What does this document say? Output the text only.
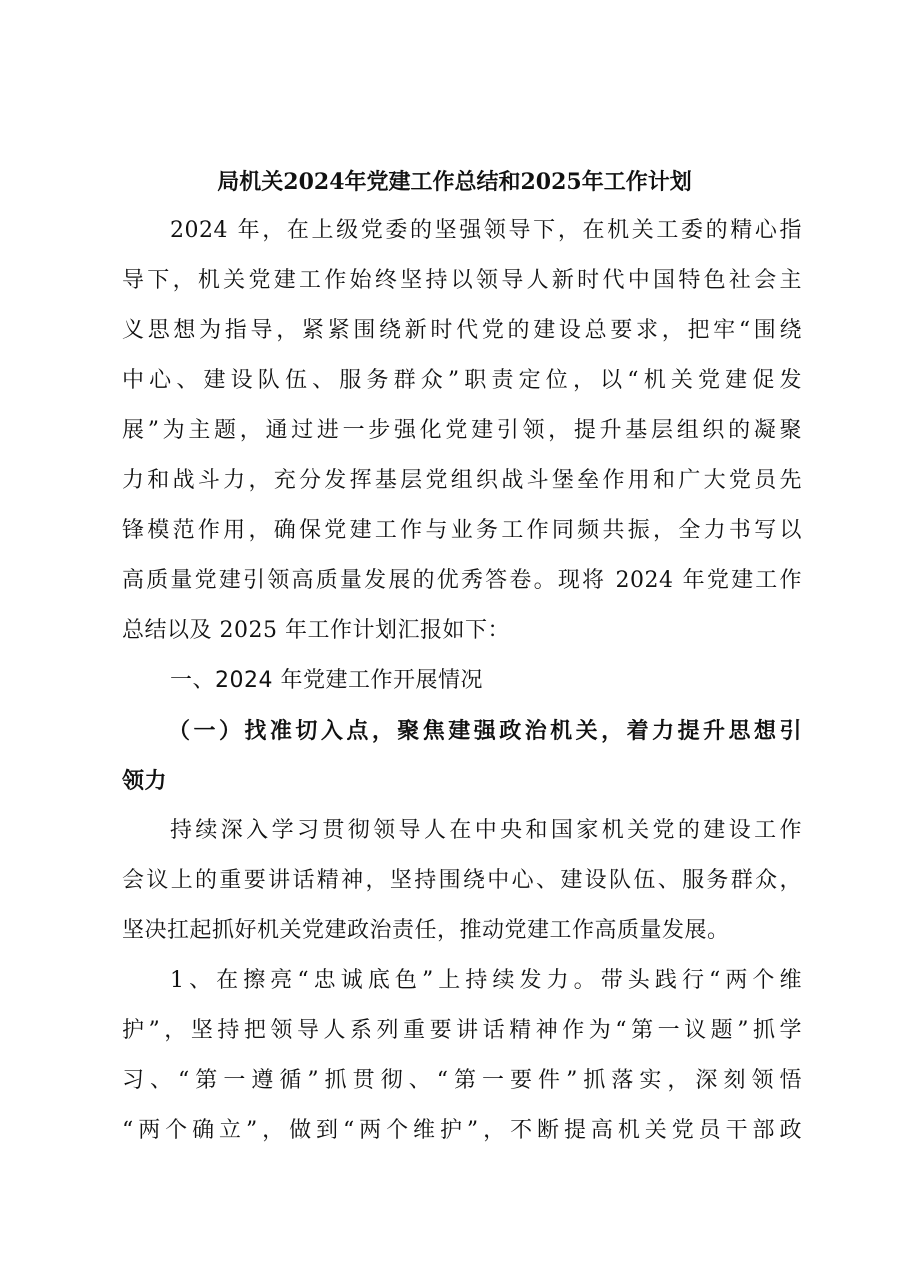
局机关2024年党建工作总结和2025年工作计划
2024 年，在上级党委的坚强领导下，在机关工委的精心指
导下，机关党建工作始终坚持以领导人新时代中国特色社会主
义思想为指导，紧紧围绕新时代党的建设总要求，把牢“围绕
中心、建设队伍、服务群众”职责定位，以“机关党建促发
展”为主题，通过进一步强化党建引领，提升基层组织的凝聚
力和战斗力，充分发挥基层党组织战斗堡垒作用和广大党员先
锋模范作用，确保党建工作与业务工作同频共振，全力书写以
高质量党建引领高质量发展的优秀答卷。现将 2024 年党建工作
总结以及 2025 年工作计划汇报如下：
一、2024 年党建工作开展情况
（一）找准切入点，聚焦建强政治机关，着力提升思想引
领力
持续深入学习贯彻领导人在中央和国家机关党的建设工作
会议上的重要讲话精神，坚持围绕中心、建设队伍、服务群众，
坚决扛起抓好机关党建政治责任，推动党建工作高质量发展。
1、在擦亮“忠诚底色”上持续发力。带头践行“两个维
护”，坚持把领导人系列重要讲话精神作为“第一议题”抓学
习、“第一遵循”抓贯彻、“第一要件”抓落实，深刻领悟
“两个确立”，做到“两个维护”，不断提高机关党员干部政
